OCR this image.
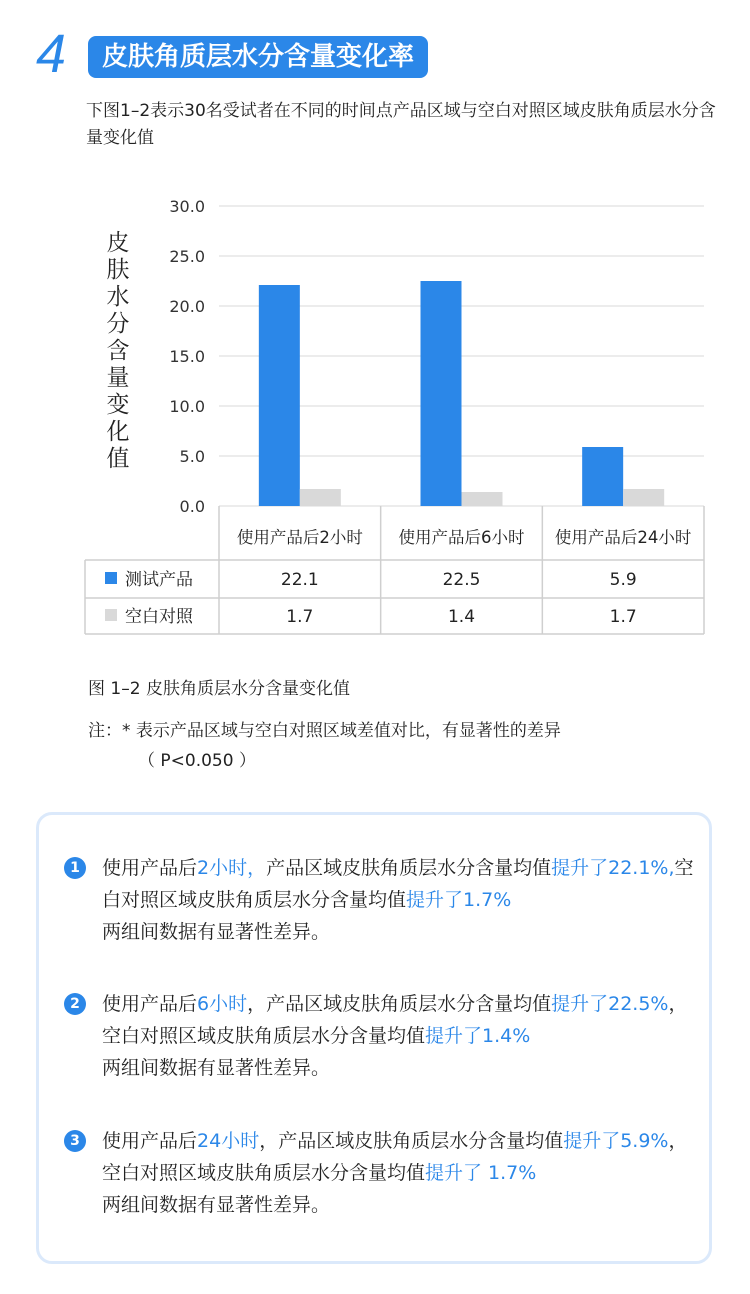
4	皮肤角质层水分含量变化率
下图1–2表示30名受试者在不同的时间点产品区域与空白对照区域皮肤角质层水分含量变化值
0.0
5.0
10.0
15.0
20.0
25.0
30.0
皮
肤
水
分
含
量
变
化
值
使用产品后2小时 使用产品后6小时 使用产品后24小时
测试产品	22.1	22.5	5.9
空白对照	1.7	1.4	1.7
图 1–2 皮肤角质层水分含量变化值
注：* 表示产品区域与空白对照区域差值对比，有显著性的差异
（ P<0.050 ）
1	使用产品后2小时，产品区域皮肤角质层水分含量均值提升了22.1%,空白对照区域皮肤角质层水分含量均值提升了1.7%
两组间数据有显著性差异。
2	使用产品后6小时，产品区域皮肤角质层水分含量均值提升了22.5%，空白对照区域皮肤角质层水分含量均值提升了1.4%
两组间数据有显著性差异。
3	使用产品后24小时，产品区域皮肤角质层水分含量均值提升了5.9%，空白对照区域皮肤角质层水分含量均值提升了 1.7%
两组间数据有显著性差异。
